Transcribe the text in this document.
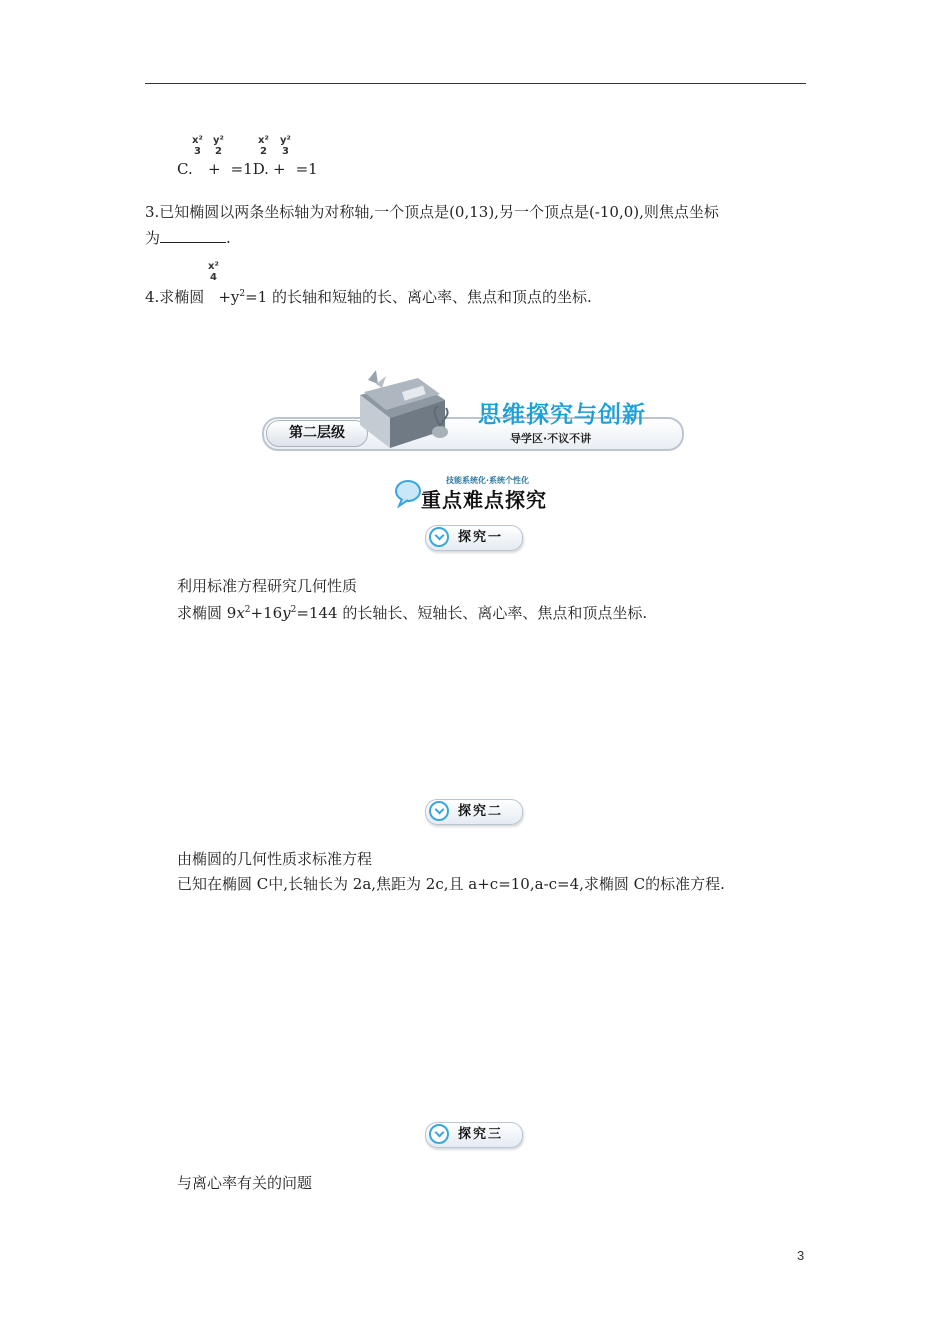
C.
x²
3
y²
2
+ =1D.
x²
2
y²
3
+ =1
3.已知椭圆以两条坐标轴为对称轴,一个顶点是(0,13),另一个顶点是(-10,0),则焦点坐标
为	.
x²
4
4.求椭圆 $+y^2=1$ 的长轴和短轴的长、离心率、焦点和顶点的坐标.
第二层级
思维探究与创新
导学区·不议不讲
技能系统化·系统个性化
重点难点探究
探究一
利用标准方程研究几何性质
求椭圆 $9x^2+16y^2=144$ 的长轴长、短轴长、离心率、焦点和顶点坐标.
探究二
由椭圆的几何性质求标准方程
已知在椭圆 C中,长轴长为 2a,焦距为 2c,且 a+c=10,a-c=4,求椭圆 C的标准方程.
探究三
与离心率有关的问题
3
